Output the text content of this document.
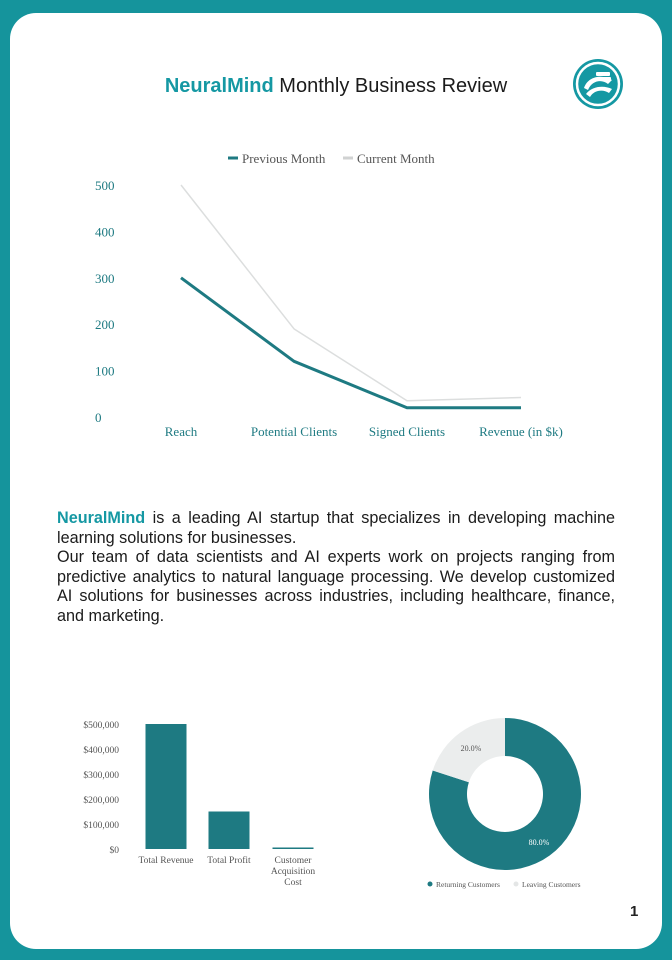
NeuralMind Monthly Business Review
Previous Month Current Month
0
100
200
300
400
500
Reach	Potential Clients Signed Clients	Revenue (in $k)

NeuralMind is a leading AI startup that specializes in developing machine learning solutions for businesses.

Our team of data scientists and AI experts work on projects ranging from predictive analytics to natural language processing. We develop customized AI solutions for businesses across industries, including healthcare, finance, and marketing.

$0
$100,000
$200,000
$300,000
$400,000
$500,000
Total Revenue Total Profit	Customer
Acquisition
Cost
80.0%
20.0%
Returning Customers	Leaving Customers
1
